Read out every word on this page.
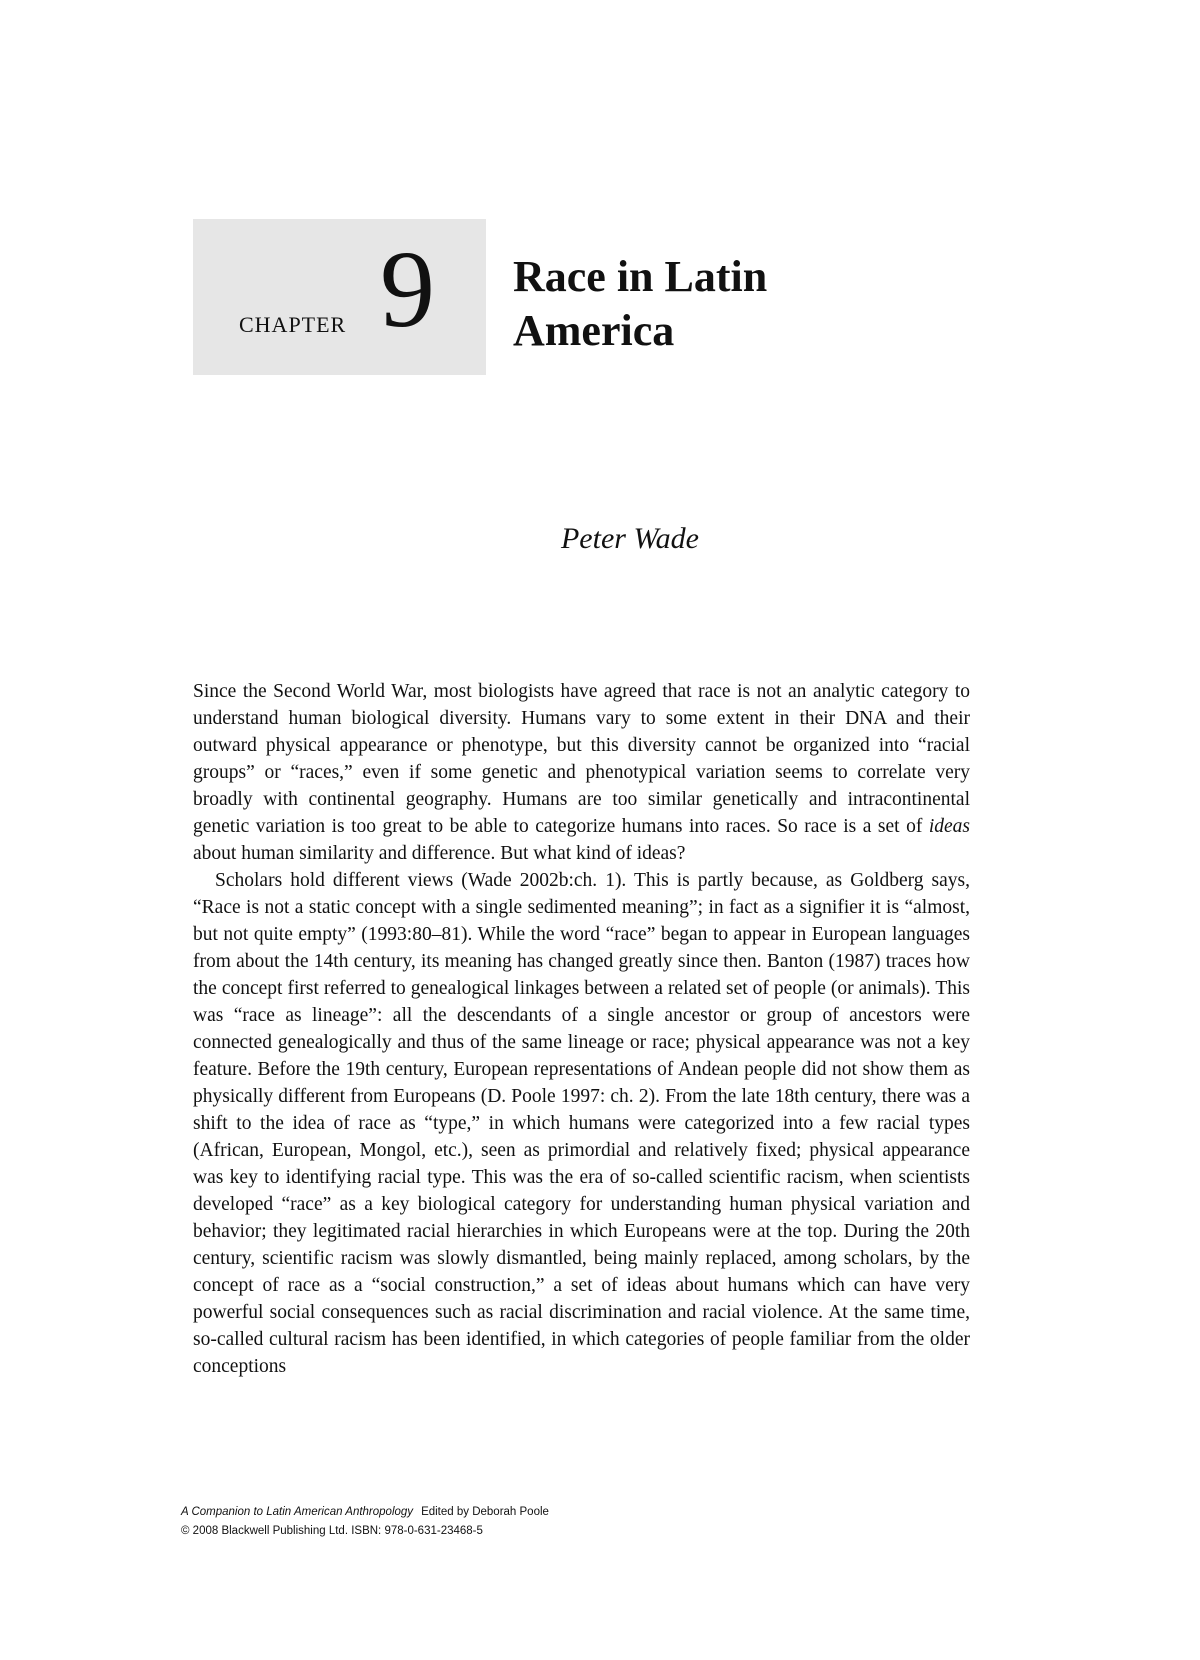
CHAPTER 9 Race in Latin
America
Peter Wade

Since the Second World War, most biologists have agreed that race is not an analytic category to understand human biological diversity. Humans vary to some extent in their DNA and their outward physical appearance or phenotype, but this diversity cannot be organized into “racial groups” or “races,” even if some genetic and phenotypical variation seems to correlate very broadly with continental geography. Humans are too similar genetically and intracontinental genetic variation is too great to be able to categorize humans into races. So race is a set of ideas about human similarity and difference. But what kind of ideas?

Scholars hold different views (Wade 2002b:ch. 1). This is partly because, as Goldberg says, “Race is not a static concept with a single sedimented meaning”; in fact as a signifier it is “almost, but not quite empty” (1993:80–81). While the word “race” began to appear in European languages from about the 14th century, its meaning has changed greatly since then. Banton (1987) traces how the concept first referred to genealogical linkages between a related set of people (or animals). This was “race as lineage”: all the descendants of a single ancestor or group of ancestors were connected genealogically and thus of the same lineage or race; physical appearance was not a key feature. Before the 19th century, European representations of Andean people did not show them as physically different from Europeans (D. Poole 1997: ch. 2). From the late 18th century, there was a shift to the idea of race as “type,” in which humans were categorized into a few racial types (African, European, Mongol, etc.), seen as primordial and relatively fixed; physical appearance was key to identifying racial type. This was the era of so-called scientific racism, when scientists developed “race” as a key biological category for understanding human physical variation and behavior; they legitimated racial hierarchies in which Europeans were at the top. During the 20th century, scientific racism was slowly dismantled, being mainly replaced, among scholars, by the concept of race as a “social construction,” a set of ideas about humans which can have very powerful social consequences such as racial discrimination and racial violence. At the same time, so-called cultural racism has been identified, in which categories of people familiar from the older conceptions

A Companion to Latin American Anthropology Edited by Deborah Poole
© 2008 Blackwell Publishing Ltd. ISBN: 978-0-631-23468-5
